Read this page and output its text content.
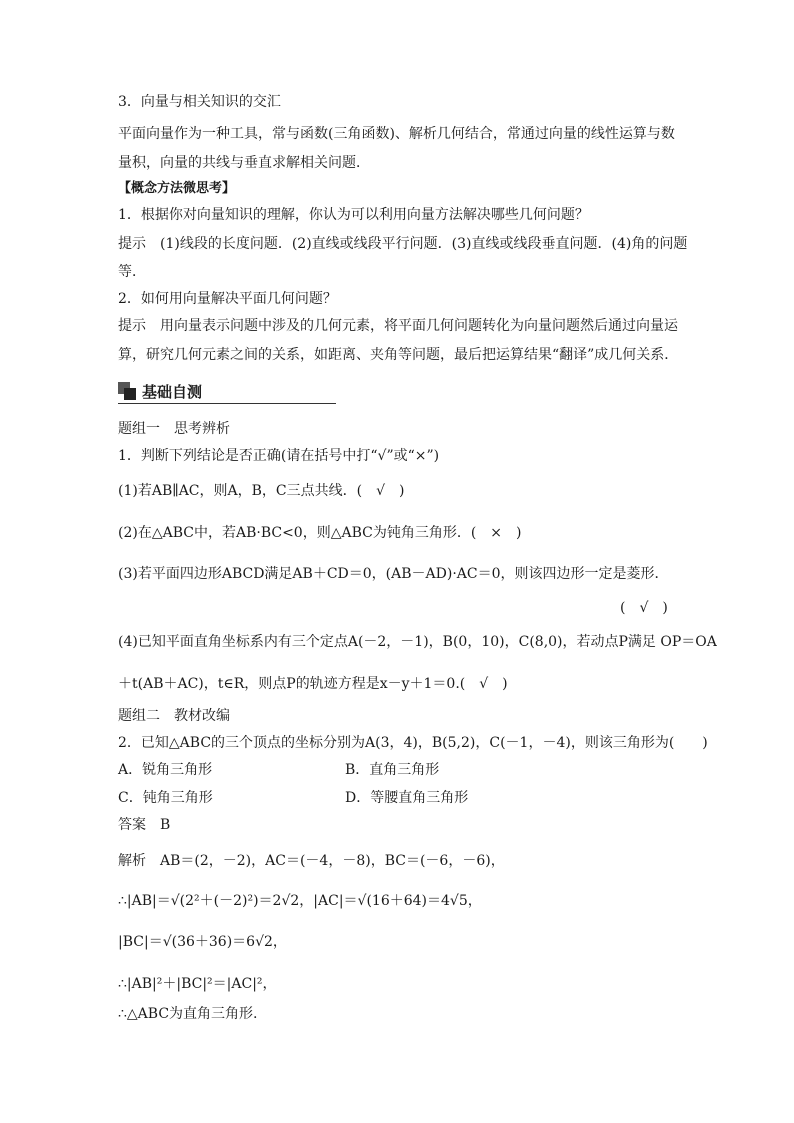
3．向量与相关知识的交汇
平面向量作为一种工具，常与函数(三角函数)、解析几何结合，常通过向量的线性运算与数
量积，向量的共线与垂直求解相关问题．
【概念方法微思考】
1．根据你对向量知识的理解，你认为可以利用向量方法解决哪些几何问题？
提示　(1)线段的长度问题．(2)直线或线段平行问题．(3)直线或线段垂直问题．(4)角的问题
等．
2．如何用向量解决平面几何问题？
提示　用向量表示问题中涉及的几何元素，将平面几何问题转化为向量问题然后通过向量运
算，研究几何元素之间的关系，如距离、夹角等问题，最后把运算结果“翻译”成几何关系．
基础自测
题组一　思考辨析
1．判断下列结论是否正确(请在括号中打“√”或“×”)
(1)若AB∥AC，则A，B，C三点共线．(　√　)
(2)在△ABC中，若AB·BC<0，则△ABC为钝角三角形．(　×　)
(3)若平面四边形ABCD满足AB＋CD＝0，(AB－AD)·AC＝0，则该四边形一定是菱形．
(　√　)
(4)已知平面直角坐标系内有三个定点A(－2，－1)，B(0，10)，C(8,0)，若动点P满足 OP＝OA
＋t(AB＋AC)，t∈R，则点P的轨迹方程是x－y＋1＝0.(　√　)
题组二　教材改编
2．已知△ABC的三个顶点的坐标分别为A(3，4)，B(5,2)，C(－1，－4)，则该三角形为(　　)
A．锐角三角形	B．直角三角形
C．钝角三角形	D．等腰直角三角形
答案　B
解析　AB＝(2，－2)，AC＝(－4，－8)，BC＝(－6，－6)，
∴|AB|＝√(2²＋(－2)²)＝2√2，|AC|＝√(16＋64)＝4√5，
|BC|＝√(36＋36)＝6√2，
∴|AB|²＋|BC|²＝|AC|²，
∴△ABC为直角三角形.
